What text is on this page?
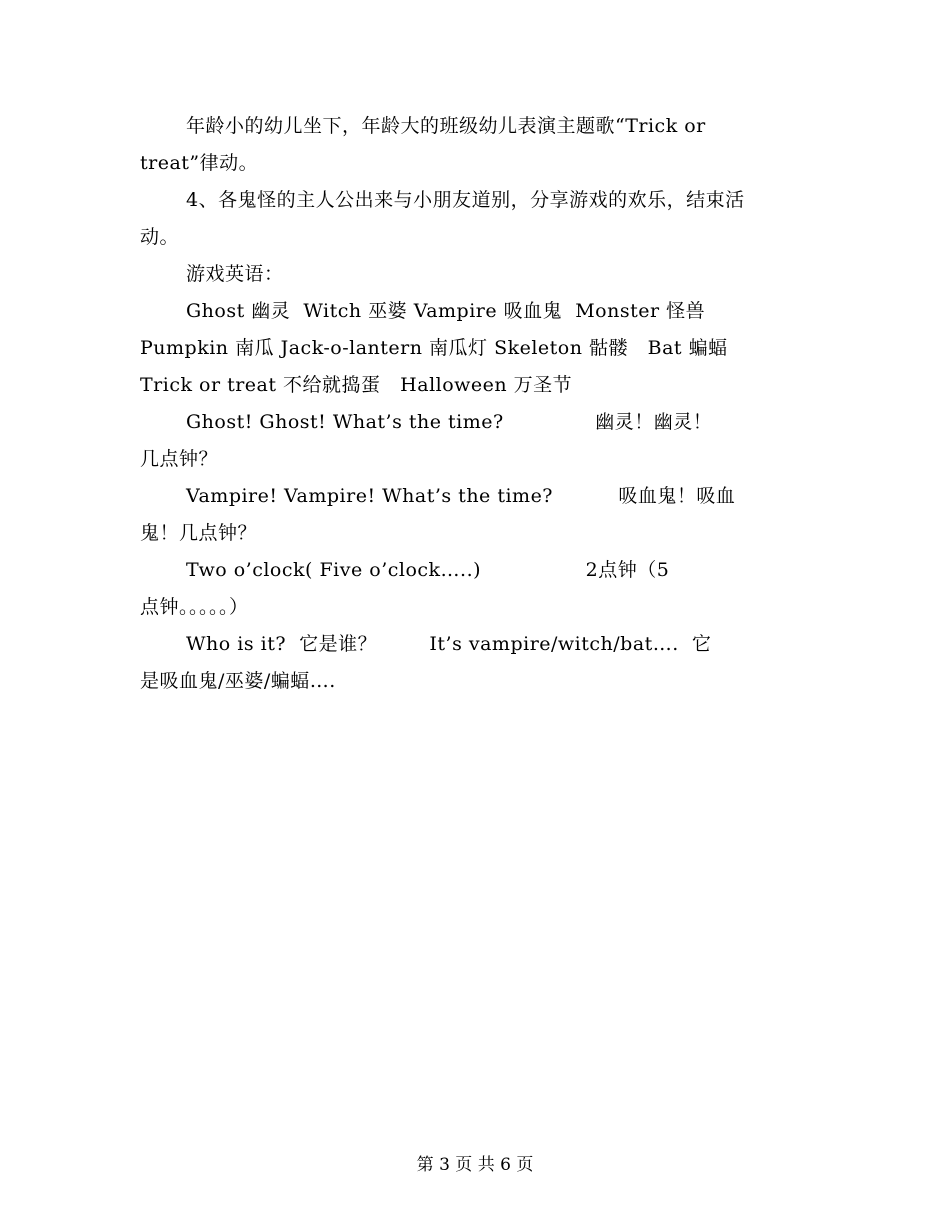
年龄小的幼儿坐下，年龄大的班级幼儿表演主题歌“Trick or
treat”律动。
4、各鬼怪的主人公出来与小朋友道别，分享游戏的欢乐，结束活
动。
游戏英语：
Ghost 幽灵  Witch 巫婆 Vampire 吸血鬼  Monster 怪兽
Pumpkin 南瓜 Jack-o-lantern 南瓜灯 Skeleton 骷髅   Bat 蝙蝠
Trick or treat 不给就捣蛋   Halloween 万圣节
Ghost! Ghost! What’s the time?              幽灵！幽灵！
几点钟？
Vampire! Vampire! What’s the time?          吸血鬼！吸血
鬼！几点钟？
Two o’clock( Five o’clock…..)                2点钟（5
点钟。。。。。）
Who is it?  它是谁？        It’s vampire/witch/bat….  它
是吸血鬼/巫婆/蝙蝠….
第 3 页 共 6 页
